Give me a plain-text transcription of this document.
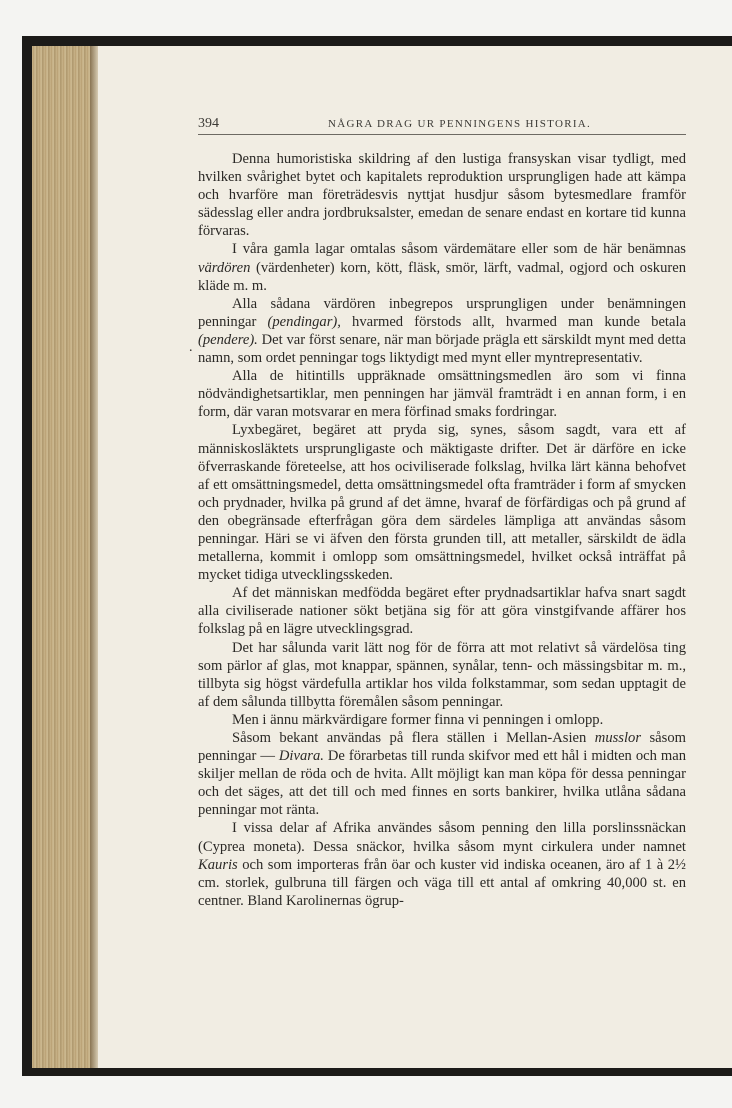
394	NÅGRA DRAG UR PENNINGENS HISTORIA.
.

Denna humoristiska skildring af den lustiga fransyskan visar tydligt, med hvilken svårighet bytet och kapitalets reproduktion ursprungligen hade att kämpa och hvarföre man företrädesvis nyttjat husdjur såsom bytesmedlare framför sädesslag eller andra jordbruksalster, emedan de senare endast en kortare tid kunna förvaras.

I våra gamla lagar omtalas såsom värdemätare eller som de här benämnas värdören (värdenheter) korn, kött, fläsk, smör, lärft, vadmal, ogjord och oskuren kläde m. m.

Alla sådana värdören inbegrepos ursprungligen under benämningen penningar (pendingar), hvarmed förstods allt, hvarmed man kunde betala (pendere). Det var först senare, när man började prägla ett särskildt mynt med detta namn, som ordet penningar togs liktydigt med mynt eller myntrepresentativ.

Alla de hitintills uppräknade omsättningsmedlen äro som vi finna nödvändighetsartiklar, men penningen har jämväl framträdt i en annan form, i en form, där varan motsvarar en mera förfinad smaks fordringar.

Lyxbegäret, begäret att pryda sig, synes, såsom sagdt, vara ett af människosläktets ursprungligaste och mäktigaste drifter. Det är därföre en icke öfverraskande företeelse, att hos ociviliserade folkslag, hvilka lärt känna behofvet af ett omsättningsmedel, detta omsättningsmedel ofta framträder i form af smycken och prydnader, hvilka på grund af det ämne, hvaraf de förfärdigas och på grund af den obegränsade efterfrågan göra dem särdeles lämpliga att användas såsom penningar. Häri se vi äfven den första grunden till, att metaller, särskildt de ädla metallerna, kommit i omlopp som omsättningsmedel, hvilket också inträffat på mycket tidiga utvecklingsskeden.

Af det människan medfödda begäret efter prydnadsartiklar hafva snart sagdt alla civiliserade nationer sökt betjäna sig för att göra vinstgifvande affärer hos folkslag på en lägre utvecklingsgrad.

Det har sålunda varit lätt nog för de förra att mot relativt så värdelösa ting som pärlor af glas, mot knappar, spännen, synålar, tenn- och mässingsbitar m. m., tillbyta sig högst värdefulla artiklar hos vilda folkstammar, som sedan upptagit de af dem sålunda tillbytta föremålen såsom penningar.

Men i ännu märkvärdigare former finna vi penningen i omlopp.

Såsom bekant användas på flera ställen i Mellan-Asien musslor såsom penningar — Divara. De förarbetas till runda skifvor med ett hål i midten och man skiljer mellan de röda och de hvita. Allt möjligt kan man köpa för dessa penningar och det säges, att det till och med finnes en sorts bankirer, hvilka utlåna sådana penningar mot ränta.

I vissa delar af Afrika användes såsom penning den lilla porslinssnäckan (Cyprea moneta). Dessa snäckor, hvilka såsom mynt cirkulera under namnet Kauris och som importeras från öar och kuster vid indiska oceanen, äro af 1 à 2½ cm. storlek, gulbruna till färgen och väga till ett antal af omkring 40,000 st. en centner. Bland Karolinernas ögrup-
